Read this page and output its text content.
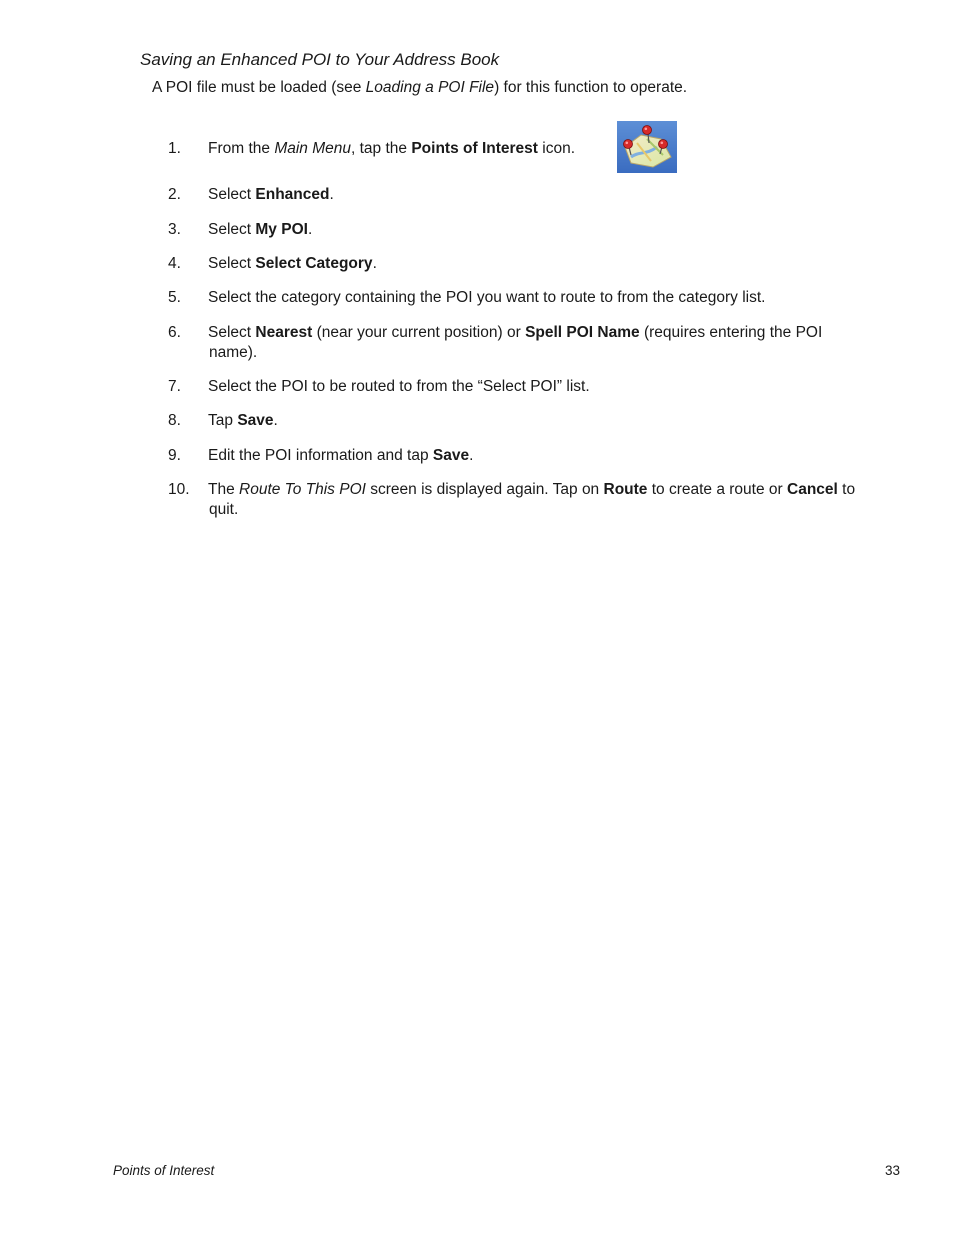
Saving an Enhanced POI to Your Address Book

A POI file must be loaded (see Loading a POI File) for this function to operate.

1.	From the Main Menu, tap the Points of Interest icon.
2.	Select Enhanced.
3.	Select My POI.
4.	Select Select Category.
5.	Select the category containing the POI you want to route to from the category list.
6.	Select Nearest (near your current position) or Spell POI Name (requires entering the POI
name).
7.	Select the POI to be routed to from the “Select POI” list.
8.	Tap Save.
9.	Edit the POI information and tap Save.
10.	The Route To This POI screen is displayed again. Tap on Route to create a route or Cancel to
quit.
Points of Interest	33
